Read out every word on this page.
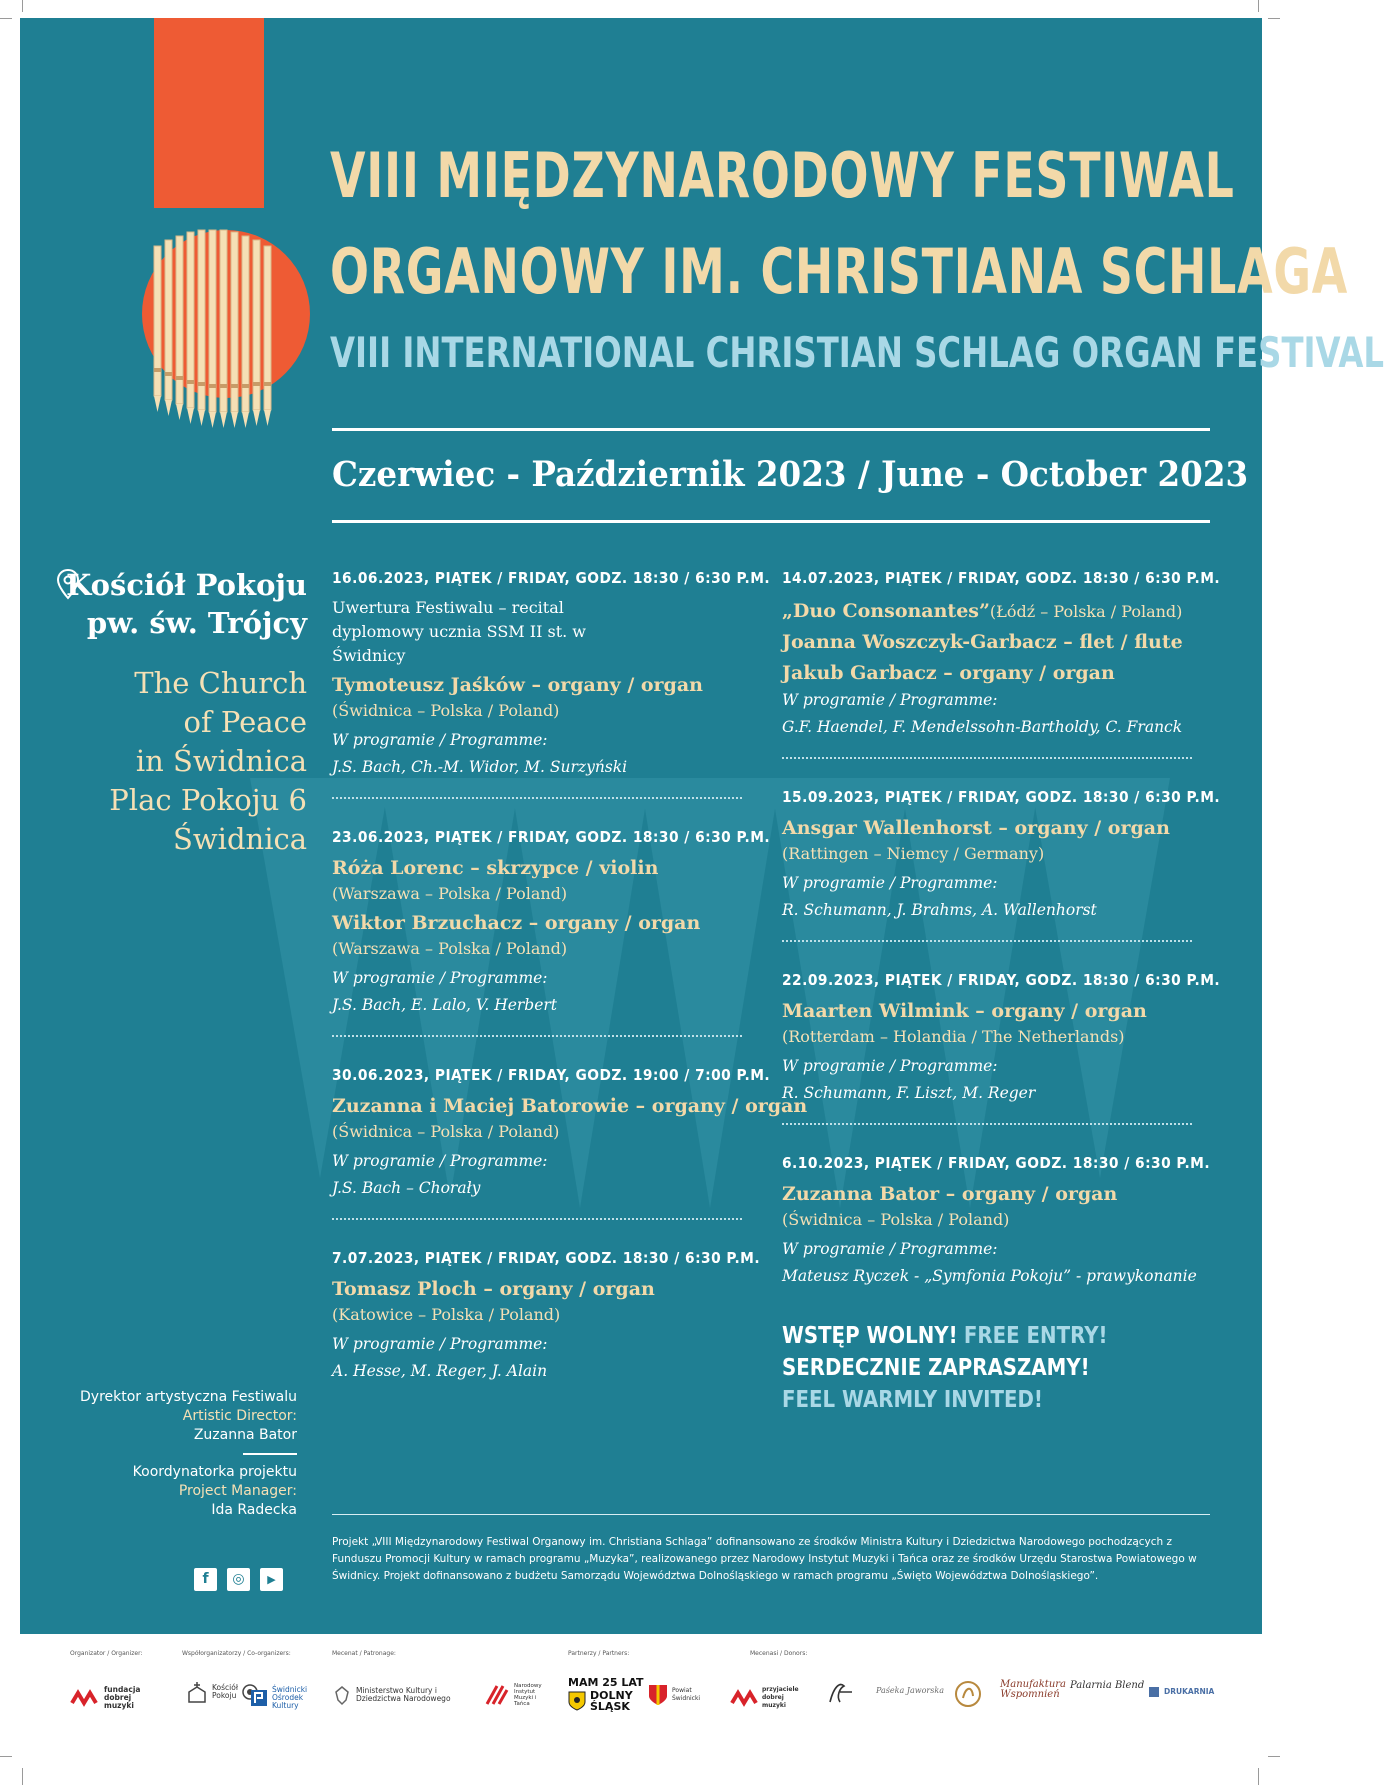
VIII MIĘDZYNARODOWY FESTIWAL
ORGANOWY IM. CHRISTIANA SCHLAGA
VIII INTERNATIONAL CHRISTIAN SCHLAG ORGAN FESTIVAL
Czerwiec - Październik 2023 / June - October 2023
Kościół Pokoju
pw. św. Trójcy
The Church
of Peace
in Świdnica
Plac Pokoju 6
Świdnica
16.06.2023, PIĄTEK / FRIDAY, GODZ. 18:30 / 6:30 P.M.
Uwertura Festiwalu – recital dyplomowy ucznia SSM II st. w Świdnicy
Tymoteusz Jaśków – organy / organ
(Świdnica – Polska / Poland)
W programie / Programme:
J.S. Bach, Ch.-M. Widor, M. Surzyński
23.06.2023, PIĄTEK / FRIDAY, GODZ. 18:30 / 6:30 P.M.
Róża Lorenc – skrzypce / violin
(Warszawa – Polska / Poland)
Wiktor Brzuchacz – organy / organ
(Warszawa – Polska / Poland)
W programie / Programme:
J.S. Bach, E. Lalo, V. Herbert
30.06.2023, PIĄTEK / FRIDAY, GODZ. 19:00 / 7:00 P.M.
Zuzanna i Maciej Batorowie – organy / organ
(Świdnica – Polska / Poland)
W programie / Programme:
J.S. Bach – Chorały
7.07.2023, PIĄTEK / FRIDAY, GODZ. 18:30 / 6:30 P.M.
Tomasz Ploch – organy / organ
(Katowice – Polska / Poland)
W programie / Programme:
A. Hesse, M. Reger, J. Alain
14.07.2023, PIĄTEK / FRIDAY, GODZ. 18:30 / 6:30 P.M.
„Duo Consonantes”(Łódź – Polska / Poland)
Joanna Woszczyk-Garbacz – flet / flute
Jakub Garbacz – organy / organ
W programie / Programme:
G.F. Haendel, F. Mendelssohn-Bartholdy, C. Franck
15.09.2023, PIĄTEK / FRIDAY, GODZ. 18:30 / 6:30 P.M.
Ansgar Wallenhorst – organy / organ
(Rattingen – Niemcy / Germany)
W programie / Programme:
R. Schumann, J. Brahms, A. Wallenhorst
22.09.2023, PIĄTEK / FRIDAY, GODZ. 18:30 / 6:30 P.M.
Maarten Wilmink – organy / organ
(Rotterdam – Holandia / The Netherlands)
W programie / Programme:
R. Schumann, F. Liszt, M. Reger
6.10.2023, PIĄTEK / FRIDAY, GODZ. 18:30 / 6:30 P.M.
Zuzanna Bator – organy / organ
(Świdnica – Polska / Poland)
W programie / Programme:
Mateusz Ryczek - „Symfonia Pokoju” - prawykonanie
WSTĘP WOLNY! FREE ENTRY!
SERDECZNIE ZAPRASZAMY!
FEEL WARMLY INVITED!
Dyrektor artystyczna Festiwalu
Artistic Director:
Zuzanna Bator
Koordynatorka projektu
Project Manager:
Ida Radecka
f	◎	▶
Projekt „VIII Międzynarodowy Festiwal Organowy im. Christiana Schlaga” dofinansowano ze środków Ministra Kultury i Dziedzictwa Narodowego pochodzących z Funduszu Promocji Kultury w ramach programu „Muzyka”, realizowanego przez Narodowy Instytut Muzyki i Tańca oraz ze środków Urzędu Starostwa Powiatowego w Świdnicy. Projekt dofinansowano z budżetu Samorządu Województwa Dolnośląskiego w ramach programu „Święto Województwa Dolnośląskiego”.
Organizator / Organizer:	Współorganizatorzy / Co-organizers:	Mecenat / Patronage:	Partnerzy / Partners:	Mecenasi / Donors:
fundacja dobrej muzyki
Kościół Pokoju
Świdnicki Ośrodek Kultury
Ministerstwo Kultury i Dziedzictwa Narodowego
Narodowy Instytut Muzyki i Tańca
MAM 25 LAT
DOLNY ŚLĄSK
Powiat Świdnicki
przyjaciele dobrej muzyki
Paśeka Jaworska
Manufaktura Wspomnień
Palarnia Blend
DRUKARNIA
